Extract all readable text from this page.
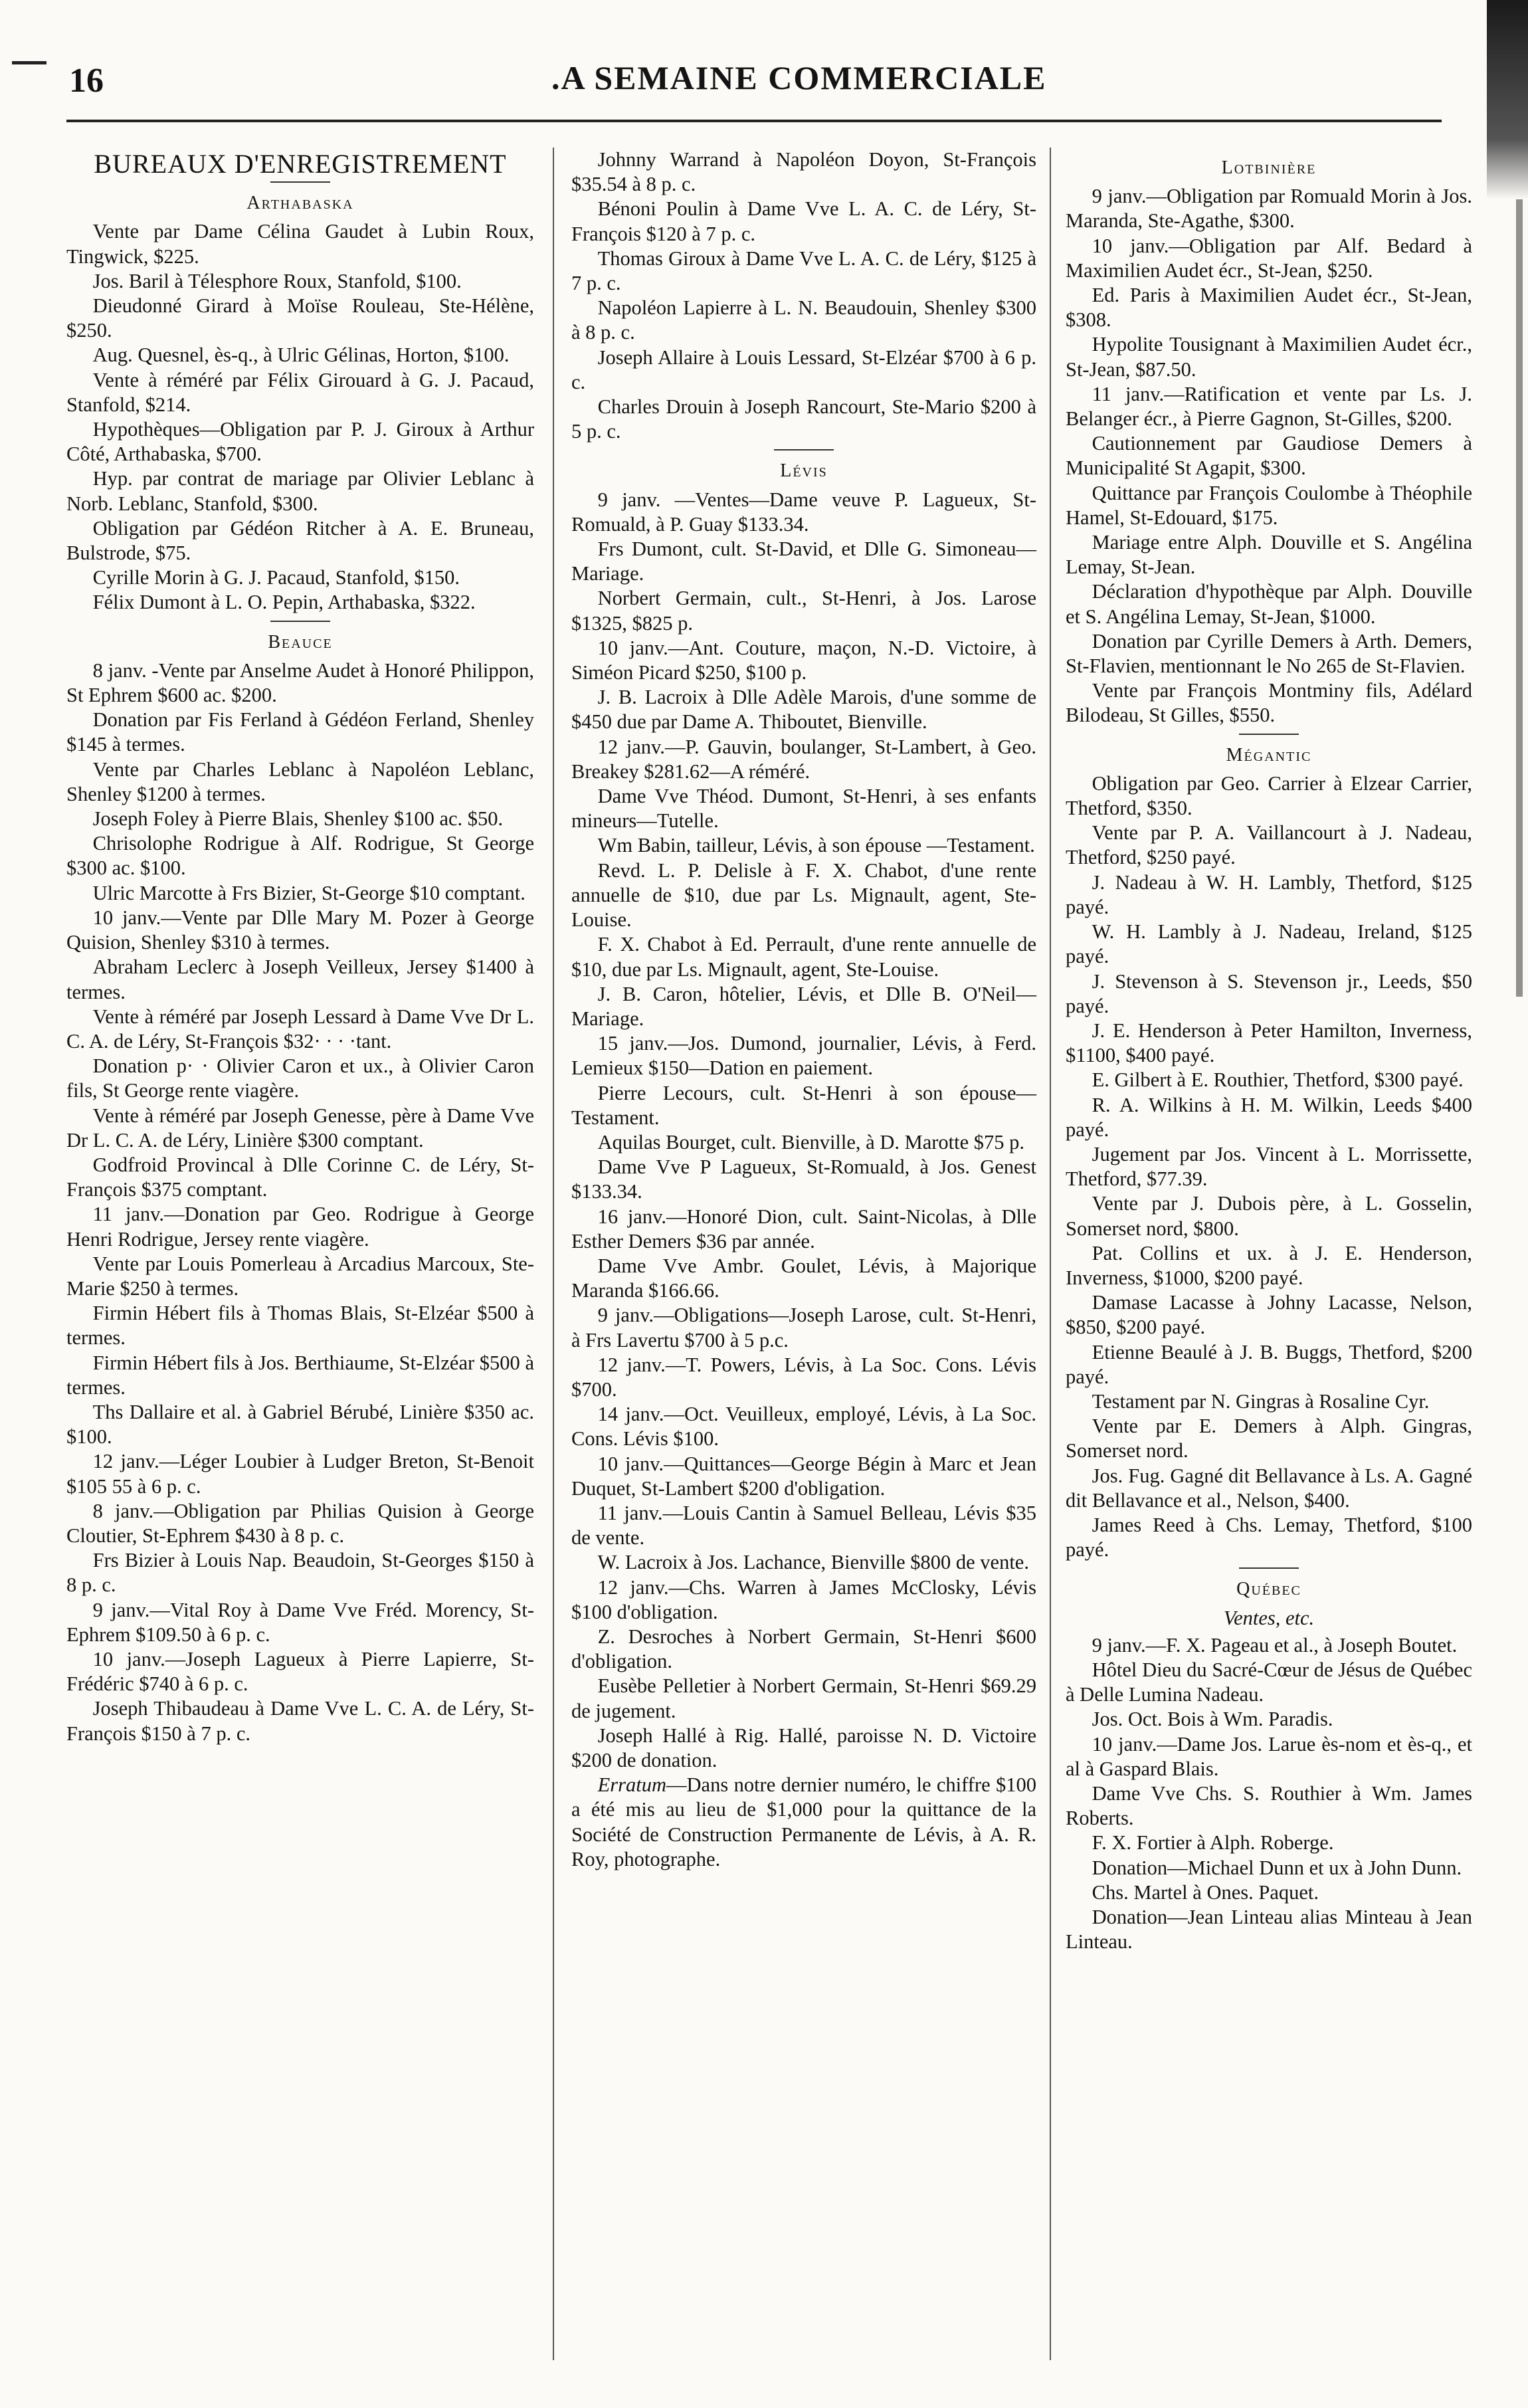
16	.A SEMAINE COMMERCIALE
BUREAUX D'ENREGISTREMENT
Arthabaska

Vente par Dame Célina Gaudet à Lubin Roux, Tingwick, $225.

Jos. Baril à Télesphore Roux, Stanfold, $100.

Dieudonné Girard à Moïse Rouleau, Ste-Hélène, $250.

Aug. Quesnel, ès-q., à Ulric Gélinas, Horton, $100.

Vente à réméré par Félix Girouard à G. J. Pacaud, Stanfold, $214.

Hypothèques—Obligation par P. J. Giroux à Arthur Côté, Arthabaska, $700.

Hyp. par contrat de mariage par Olivier Leblanc à Norb. Leblanc, Stanfold, $300.

Obligation par Gédéon Ritcher à A. E. Bruneau, Bulstrode, $75.

Cyrille Morin à G. J. Pacaud, Stanfold, $150.

Félix Dumont à L. O. Pepin, Arthabaska, $322.

Beauce

8 janv. -Vente par Anselme Audet à Honoré Philippon, St Ephrem $600 ac. $200.

Donation par Fis Ferland à Gédéon Ferland, Shenley $145 à termes.

Vente par Charles Leblanc à Napoléon Leblanc, Shenley $1200 à termes.

Joseph Foley à Pierre Blais, Shenley $100 ac. $50.

Chrisolophe Rodrigue à Alf. Rodrigue, St George $300 ac. $100.

Ulric Marcotte à Frs Bizier, St-George $10 comptant.

10 janv.—Vente par Dlle Mary M. Pozer à George Quision, Shenley $310 à termes.

Abraham Leclerc à Joseph Veilleux, Jersey $1400 à termes.

Vente à réméré par Joseph Lessard à Dame Vve Dr L. C. A. de Léry, St-François $32· · · ·tant.

Donation p· · Olivier Caron et ux., à Olivier Caron fils, St George rente viagère.

Vente à réméré par Joseph Genesse, père à Dame Vve Dr L. C. A. de Léry, Linière $300 comptant.

Godfroid Provincal à Dlle Corinne C. de Léry, St-François $375 comptant.

11 janv.—Donation par Geo. Rodrigue à George Henri Rodrigue, Jersey rente viagère.

Vente par Louis Pomerleau à Arcadius Marcoux, Ste-Marie $250 à termes.

Firmin Hébert fils à Thomas Blais, St-Elzéar $500 à termes.

Firmin Hébert fils à Jos. Berthiaume, St-Elzéar $500 à termes.

Ths Dallaire et al. à Gabriel Bérubé, Linière $350 ac. $100.

12 janv.—Léger Loubier à Ludger Breton, St-Benoit $105 55 à 6 p. c.

8 janv.—Obligation par Philias Quision à George Cloutier, St-Ephrem $430 à 8 p. c.

Frs Bizier à Louis Nap. Beaudoin, St-Georges $150 à 8 p. c.

9 janv.—Vital Roy à Dame Vve Fréd. Morency, St-Ephrem $109.50 à 6 p. c.

10 janv.—Joseph Lagueux à Pierre Lapierre, St-Frédéric $740 à 6 p. c.

Joseph Thibaudeau à Dame Vve L. C. A. de Léry, St-François $150 à 7 p. c.

Johnny Warrand à Napoléon Doyon, St-François $35.54 à 8 p. c.

Bénoni Poulin à Dame Vve L. A. C. de Léry, St-François $120 à 7 p. c.

Thomas Giroux à Dame Vve L. A. C. de Léry, $125 à 7 p. c.

Napoléon Lapierre à L. N. Beaudouin, Shenley $300 à 8 p. c.

Joseph Allaire à Louis Lessard, St-Elzéar $700 à 6 p. c.

Charles Drouin à Joseph Rancourt, Ste-Mario $200 à 5 p. c.

Lévis

9 janv. —Ventes—Dame veuve P. Lagueux, St-Romuald, à P. Guay $133.34.

Frs Dumont, cult. St-David, et Dlle G. Simoneau—Mariage.

Norbert Germain, cult., St-Henri, à Jos. Larose $1325, $825 p.

10 janv.—Ant. Couture, maçon, N.-D. Victoire, à Siméon Picard $250, $100 p.

J. B. Lacroix à Dlle Adèle Marois, d'une somme de $450 due par Dame A. Thiboutet, Bienville.

12 janv.—P. Gauvin, boulanger, St-Lambert, à Geo. Breakey $281.62—A réméré.

Dame Vve Théod. Dumont, St-Henri, à ses enfants mineurs—Tutelle.

Wm Babin, tailleur, Lévis, à son épouse —Testament.

Revd. L. P. Delisle à F. X. Chabot, d'une rente annuelle de $10, due par Ls. Mignault, agent, Ste-Louise.

F. X. Chabot à Ed. Perrault, d'une rente annuelle de $10, due par Ls. Mignault, agent, Ste-Louise.

J. B. Caron, hôtelier, Lévis, et Dlle B. O'Neil—Mariage.

15 janv.—Jos. Dumond, journalier, Lévis, à Ferd. Lemieux $150—Dation en paiement.

Pierre Lecours, cult. St-Henri à son épouse—Testament.

Aquilas Bourget, cult. Bienville, à D. Marotte $75 p.

Dame Vve P Lagueux, St-Romuald, à Jos. Genest $133.34.

16 janv.—Honoré Dion, cult. Saint-Nicolas, à Dlle Esther Demers $36 par année.

Dame Vve Ambr. Goulet, Lévis, à Majorique Maranda $166.66.

9 janv.—Obligations—Joseph Larose, cult. St-Henri, à Frs Lavertu $700 à 5 p.c.

12 janv.—T. Powers, Lévis, à La Soc. Cons. Lévis $700.

14 janv.—Oct. Veuilleux, employé, Lévis, à La Soc. Cons. Lévis $100.

10 janv.—Quittances—George Bégin à Marc et Jean Duquet, St-Lambert $200 d'obligation.

11 janv.—Louis Cantin à Samuel Belleau, Lévis $35 de vente.

W. Lacroix à Jos. Lachance, Bienville $800 de vente.

12 janv.—Chs. Warren à James McClosky, Lévis $100 d'obligation.

Z. Desroches à Norbert Germain, St-Henri $600 d'obligation.

Eusèbe Pelletier à Norbert Germain, St-Henri $69.29 de jugement.

Joseph Hallé à Rig. Hallé, paroisse N. D. Victoire $200 de donation.

Erratum—Dans notre dernier numéro, le chiffre $100 a été mis au lieu de $1,000 pour la quittance de la Société de Construction Permanente de Lévis, à A. R. Roy, photographe.

Lotbinière

9 janv.—Obligation par Romuald Morin à Jos. Maranda, Ste-Agathe, $300.

10 janv.—Obligation par Alf. Bedard à Maximilien Audet écr., St-Jean, $250.

Ed. Paris à Maximilien Audet écr., St-Jean, $308.

Hypolite Tousignant à Maximilien Audet écr., St-Jean, $87.50.

11 janv.—Ratification et vente par Ls. J. Belanger écr., à Pierre Gagnon, St-Gilles, $200.

Cautionnement par Gaudiose Demers à Municipalité St Agapit, $300.

Quittance par François Coulombe à Théophile Hamel, St-Edouard, $175.

Mariage entre Alph. Douville et S. Angélina Lemay, St-Jean.

Déclaration d'hypothèque par Alph. Douville et S. Angélina Lemay, St-Jean, $1000.

Donation par Cyrille Demers à Arth. Demers, St-Flavien, mentionnant le No 265 de St-Flavien.

Vente par François Montminy fils, Adélard Bilodeau, St Gilles, $550.

Mégantic

Obligation par Geo. Carrier à Elzear Carrier, Thetford, $350.

Vente par P. A. Vaillancourt à J. Nadeau, Thetford, $250 payé.

J. Nadeau à W. H. Lambly, Thetford, $125 payé.

W. H. Lambly à J. Nadeau, Ireland, $125 payé.

J. Stevenson à S. Stevenson jr., Leeds, $50 payé.

J. E. Henderson à Peter Hamilton, Inverness, $1100, $400 payé.

E. Gilbert à E. Routhier, Thetford, $300 payé.

R. A. Wilkins à H. M. Wilkin, Leeds $400 payé.

Jugement par Jos. Vincent à L. Morrissette, Thetford, $77.39.

Vente par J. Dubois père, à L. Gosselin, Somerset nord, $800.

Pat. Collins et ux. à J. E. Henderson, Inverness, $1000, $200 payé.

Damase Lacasse à Johny Lacasse, Nelson, $850, $200 payé.

Etienne Beaulé à J. B. Buggs, Thetford, $200 payé.

Testament par N. Gingras à Rosaline Cyr.

Vente par E. Demers à Alph. Gingras, Somerset nord.

Jos. Fug. Gagné dit Bellavance à Ls. A. Gagné dit Bellavance et al., Nelson, $400.

James Reed à Chs. Lemay, Thetford, $100 payé.

Québec
Ventes, etc.

9 janv.—F. X. Pageau et al., à Joseph Boutet.

Hôtel Dieu du Sacré-Cœur de Jésus de Québec à Delle Lumina Nadeau.

Jos. Oct. Bois à Wm. Paradis.

10 janv.—Dame Jos. Larue ès-nom et ès-q., et al à Gaspard Blais.

Dame Vve Chs. S. Routhier à Wm. James Roberts.

F. X. Fortier à Alph. Roberge.

Donation—Michael Dunn et ux à John Dunn.

Chs. Martel à Ones. Paquet.

Donation—Jean Linteau alias Minteau à Jean Linteau.
